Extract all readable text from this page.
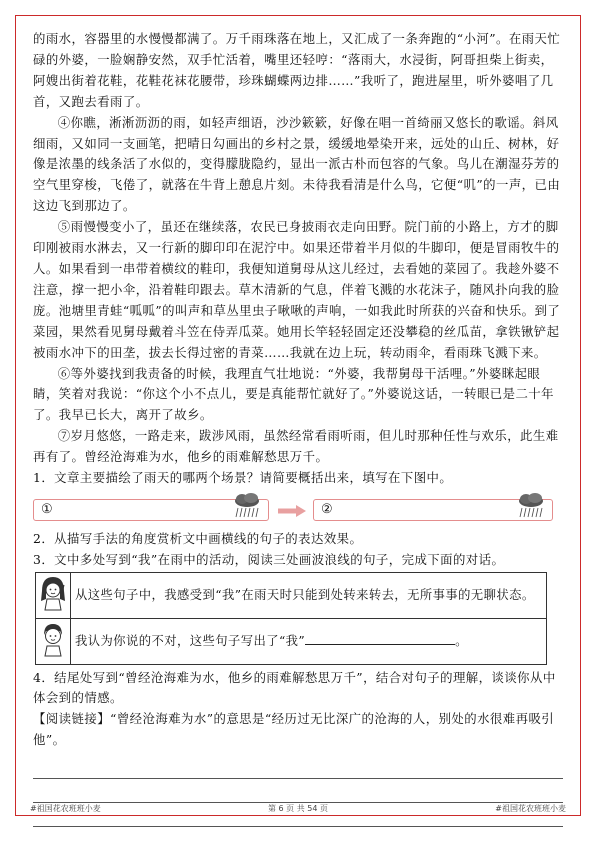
的雨水，容器里的水慢慢都满了。万千雨珠落在地上，又汇成了一条奔跑的“小河”。在雨天忙碌的外婆，一脸娴静安然，双手忙活着，嘴里还轻哼：“落雨大，水浸街，阿哥担柴上街卖，阿嫂出街着花鞋，花鞋花袜花腰带，珍珠蝴蝶两边排……”我听了，跑进屋里，听外婆唱了几首，又跑去看雨了。

④你瞧，淅淅沥沥的雨，如轻声细语，沙沙簌簌，好像在唱一首绮丽又悠长的歌谣。斜风细雨，又如同一支画笔，把晴日勾画出的乡村之景，缓缓地晕染开来，远处的山丘、树林，好像是浓墨的线条活了水似的，变得朦胧隐约，显出一派古朴而包容的气象。鸟儿在潮湿芬芳的空气里穿梭，飞倦了，就落在牛背上憩息片刻。未待我看清是什么鸟，它便“叽”的一声，已由这边飞到那边了。

⑤雨慢慢变小了，虽还在继续落，农民已身披雨衣走向田野。院门前的小路上，方才的脚印刚被雨水淋去，又一行新的脚印印在泥泞中。如果还带着半月似的牛脚印，便是冒雨牧牛的人。如果看到一串带着横纹的鞋印，我便知道舅母从这儿经过，去看她的菜园了。我趁外婆不注意，撑一把小伞，沿着鞋印跟去。草木清新的气息，伴着飞溅的水花沫子，随风扑向我的脸庞。池塘里青蛙“呱呱”的叫声和草丛里虫子啾啾的声响，一如我此时所获的兴奋和快乐。到了菜园，果然看见舅母戴着斗笠在侍弄瓜菜。她用长竿轻轻固定还没攀稳的丝瓜苗，拿铁锹铲起被雨水冲下的田垄，拔去长得过密的青菜……我就在边上玩，转动雨伞，看雨珠飞溅下来。

⑥等外婆找到我责备的时候，我理直气壮地说：“外婆，我帮舅母干活哩。”外婆眯起眼睛，笑着对我说：“你这个小不点儿，要是真能帮忙就好了。”外婆说这话，一转眼已是二十年了。我早已长大，离开了故乡。

⑦岁月悠悠，一路走来，跋涉风雨，虽然经常看雨听雨，但儿时那种任性与欢乐，此生难再有了。曾经沧海难为水，他乡的雨难解愁思万千。

1．文章主要描绘了雨天的哪两个场景？请简要概括出来，填写在下图中。

①	②

2．从描写手法的角度赏析文中画横线的句子的表达效果。

3．文中多处写到“我”在雨中的活动，阅读三处画波浪线的句子，完成下面的对话。

	从这些句子中，我感受到“我”在雨天时只能到处转来转去，无所事事的无聊状态。
	我认为你说的不对，这些句子写出了“我” 。

4．结尾处写到“曾经沧海难为水，他乡的雨难解愁思万千”，结合对句子的理解，谈谈你从中体会到的情感。

【阅读链接】“曾经沧海难为水”的意思是“经历过无比深广的沧海的人，别处的水很难再吸引他”。

#祖国花农班班小麦	第 6 页 共 54 页	#祖国花农班班小麦
